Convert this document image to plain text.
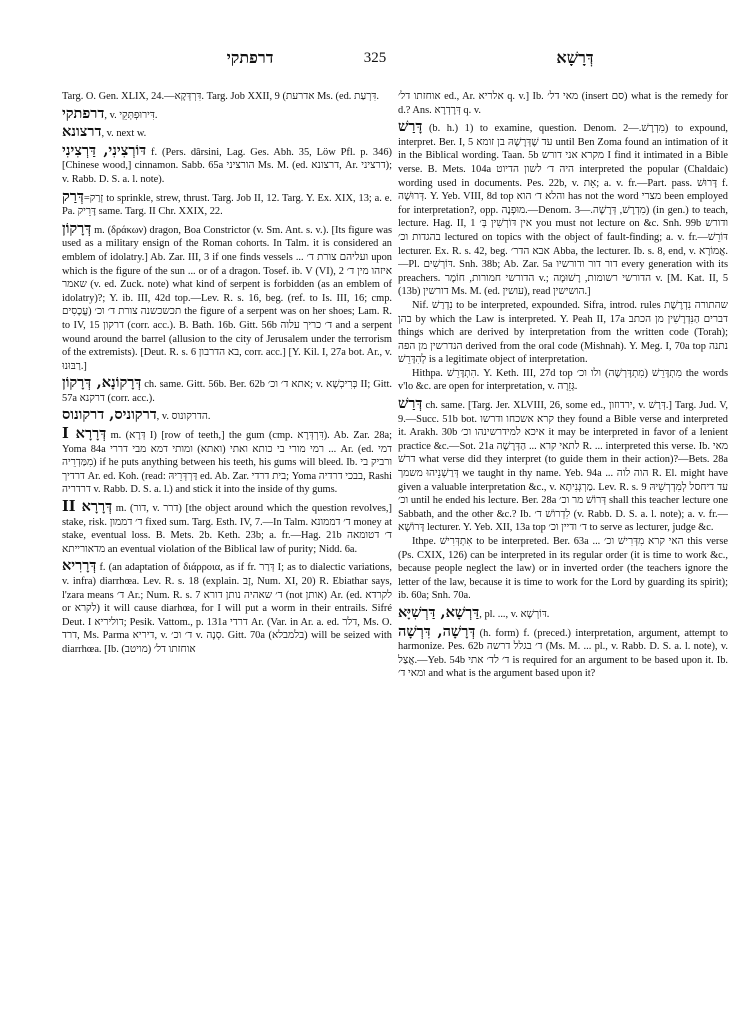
דרפתקי	325	דְּרָשָׁא

Targ. O. Gen. XLIX, 24.—דִּרְדְּקָא. Targ. Job XXII, 9 (אדרעת Ms. (ed. דִּרְעַת.

דרפתקי, v. דִּירוּפְתְּקֵי.

דרצונא, v. next w.

דּוֹרְצִינִי, דַּרְצִינִי f. (Pers. dârsini, Lag. Ges. Abh. 35, Löw Pfl. p. 346) [Chinese wood,] cinnamon. Sabb. 65a הורציני Ms. M. (ed. דרצונא, Ar. דרציני); v. Rabb. D. S. a. l. note).

דְּרַק=זְרַק to sprinkle, strew, thrust. Targ. Job II, 12. Targ. Y. Ex. XIX, 13; a. e. Pa. דָּרֵיק same. Targ. II Chr. XXIX, 22.

דְּרָקוֹן m. (δράκων) dragon, Boa Constrictor (v. Sm. Ant. s. v.). [Its figure was used as a military ensign of the Roman cohorts. In Talm. it is considered an emblem of idolatry.] Ab. Zar. III, 3 if one finds vessels ... ועליהם צורת ד׳ upon which is the figure of the sun ... or of a dragon. Tosef. ib. V (VI), 2 איזהו מין ד׳ שאמר (v. ed. Zuck. note) what kind of serpent is forbidden (as an emblem of idolatry)?; Y. ib. III, 42d top.—Lev. R. s. 16, beg. (ref. to Is. III, 16; cmp. עֲכָסִים) תכשכשנה צורת ד׳ וכ׳ the figure of a serpent was on her shoes; Lam. R. to IV, 15 דרקון (corr. acc.). B. Bath. 16b. Gitt. 56b ד׳ כריך עלוה and a serpent wound around the barrel (allusion to the city of Jerusalem under the terrorism of the extremists). [Deut. R. s. 6 בא הדרבון, corr. acc.] [Y. Kil. I, 27a bot. Ar., v. רַבּוּנוּ.]

דְּרָקוֹנָא, דְּרָקוֹן ch. same. Gitt. 56b. Ber. 62b אתא ד׳ וכ׳; v. כְּרִיכְשָׁא II; Gitt. 57a דרקנא (corr. acc.).

דרקוניס, דרקונוס, v. הדרקונוס.

דְּרָרָא I m. (דְּרָא I) [row of teeth,] the gum (cmp. דִּרְדְּרָא). Ab. Zar. 28a; Yoma 84a רמי מורי בי כותא ואתי (ואתא) ומותי דמא מבי דררי ... Ar. (ed. דמי מִמַּדְרֵיה) if he puts anything between his teeth, his gums will bleed. Ib. ורביק בי דרדיך Ar. ed. Koh. (read: דַּרְדְּרֵיהּ ed. Ab. Zar. בית דרדי; Yoma בבכי דרדיה, Rashi דרדריה v. Rabb. D. S. a. l.) and stick it into the inside of thy gums.

דְּרָרָא II m. (דור, v. דרר) [the object around which the question revolves,] stake, risk. ד׳ דממון fixed sum. Targ. Esth. IV, 7.—In Talm. ד׳ דממונא money at stake, eventual loss. B. Mets. 2b. Keth. 23b; a. fr.—Hag. 21b ד׳ דטומאה מדאורייתא an eventual violation of the Biblical law of purity; Nidd. 6a.

דְּרָרִיא f. (an adaptation of διάρροια, as if fr. דְּרַר I; as to dialectic variations, v. infra) diarrhœa. Lev. R. s. 18 (explain. זָב, Num. XI, 20) R. Ebiathar says, l'zara means ד׳ Ar.; Num. R. s. 7 ד׳ שאהיה נותן דורא (not אותן) Ar. (ed. לקרדא or לקרא) it will cause diarhœa, for I will put a worm in their entrails. Sifré Deut. I דוליריא; Pesik. Vattom., p. 131a דרדי Ar. (Var. in Ar. a. ed. דלר, Ms. O. דרד, Ms. Parma דיריא, v. ד׳ וכ׳ v. סְנָה. Gitt. 70a (בלמבלא) will be seized with diarrhœa. [Ib. (מויטב) אוחזתו דל׳

אוחזתו דל׳ ed., Ar. אלריא q. v.] Ib. מאי דל׳ (insert סם) what is the remedy for d.? Ans. דְּרָדְרָא q. v.

דָּרַשׁ (b. h.) 1) to examine, question. Denom. מִדְרָשׁ.—2) to expound, interpret. Ber. I, 5 עד שֶׁדְּרָשָׁהּ בן זומא until Ben Zoma found an intimation of it in the Biblical wording. Taan. 5b מקרא אני דורש I find it intimated in a Bible verse. B. Mets. 104a היה ד׳ לשון הדיוט interpreted the popular (Chaldaic) wording used in documents. Pes. 22b, v. אֵת; a. v. fr.—Part. pass. דָּרוּשׁ f. דְּרוּשָׁה. Y. Yeb. VIII, 8d top והלא ד׳ הוא has not the word מצרי been employed for interpretation?, opp. מוּפְנֶה.—Denom. מִדְרָשׁ, דְּרָשָׁה.—3) (in gen.) to teach, lecture. Hag. II, 1 אין דּוֹרְשִׁין בְּ׳ you must not lecture on &c. Snh. 99b ודורש בהגדות וכ׳ lectured on topics with the object of fault-finding; a. v. fr.—דּוֹרֵשׁ lecturer. Ex. R. s. 42, beg. אבא הדר׳ Abba, the lecturer. Ib. s. 8, end, v. אֲמוֹרָא.—Pl. דּוֹרְשִׁים. Snh. 38b; Ab. Zar. 5a דור דור ודורשיו every generation with its preachers. הדורשי חמורות, חוֹמֶר v.; הדורשי רשומות, רָשׁוּמָה v. [M. Kat. II, 5 (13b) דורשין Ms. M. (ed. עושין), read הושישין.]

Nif. נִדְרַשׁ to be interpreted, expounded. Sifra, introd. rules שהתורה נִדְרֶשֶׁת בהן by which the Law is interpreted. Y. Peah II, 17a דברים הַנִּדְרָשִׁין מן הכתב things which are derived by interpretation from the written code (Torah); הנדרשין מן הפה derived from the oral code (Mishnah). Y. Meg. I, 70a top נתנה לְהִדָּרֵשׁ is a legitimate object of interpretation.

Hithpa. הִתְדָּרֵשׁ. Y. Keth. III, 27d top מִתְדָּרֵשׁ (מִתְדָּרְשָׁה) ולו וכ׳ the words v'lo &c. are open for interpretation, v. גְּזֵרָה.

דְּרַשׁ ch. same. [Targ. Jer. XLVIII, 26, some ed., ירדוזון, v. דְּרַשׁ.] Targ. Jud. V, 9.—Succ. 51b bot. קרא אשכחו ודרשו they found a Bible verse and interpreted it. Arakh. 30b איכא למידרשינהו וכ׳ it may be interpreted in favor of a lenient practice &c.—Sot. 21a לתאי קרא ... הַדְּרָשָׁה R. ... interpreted this verse. Ib. מאי דרשׁ what verse did they interpret (to guide them in their action)?—Bets. 28a דְּרַשְׁנֵיהוּ משמך we taught in thy name. Yeb. 94a ... הוה לוה R. El. might have given a valuable interpretation &c., v. מַרְגְּנִיתָא. Lev. R. s. 9 עד דיחסל לְמִדְרְשֵׁיהּ וכ׳ until he ended his lecture. Ber. 28a דְּרוֹשׁ מר וכ׳ shall this teacher lecture one Sabbath, and the other &c.? Ib. לִדְרוֹשׁ ד׳ (v. Rabb. D. S. a. l. note); a. v. fr.—דָּרוֹשָׁא lecturer. Y. Yeb. XII, 13a top ד׳ ודיין וכ׳ to serve as lecturer, judge &c.

Ithpe. אִתְדְּרִישׁ to be interpreted. Ber. 63a ... האי קרא מִדְּרִישׁ וכ׳ this verse (Ps. CXIX, 126) can be interpreted in its regular order (it is time to work &c., because people neglect the law) or in inverted order (the teachers ignore the letter of the law, because it is time to work for the Lord by guarding its spirit); ib. 60a; Snh. 70a.

דַּרְשָׁא, דַּרְשִׁיָּא, pl. ..., v. דּוֹרְשָׁא.

דְּרָשָׁה, דִּרְשָׁה (h. form) f. (preced.) interpretation, argument, attempt to harmonize. Pes. 62b ד׳ בגלל דרשה (Ms. M. ... pl., v. Rabb. D. S. a. l. note), v. אֲצַל.—Yeb. 54b ד׳ לד׳ אתי is required for an argument to be based upon it. Ib. ומאי ד׳ and what is the argument based upon it?
